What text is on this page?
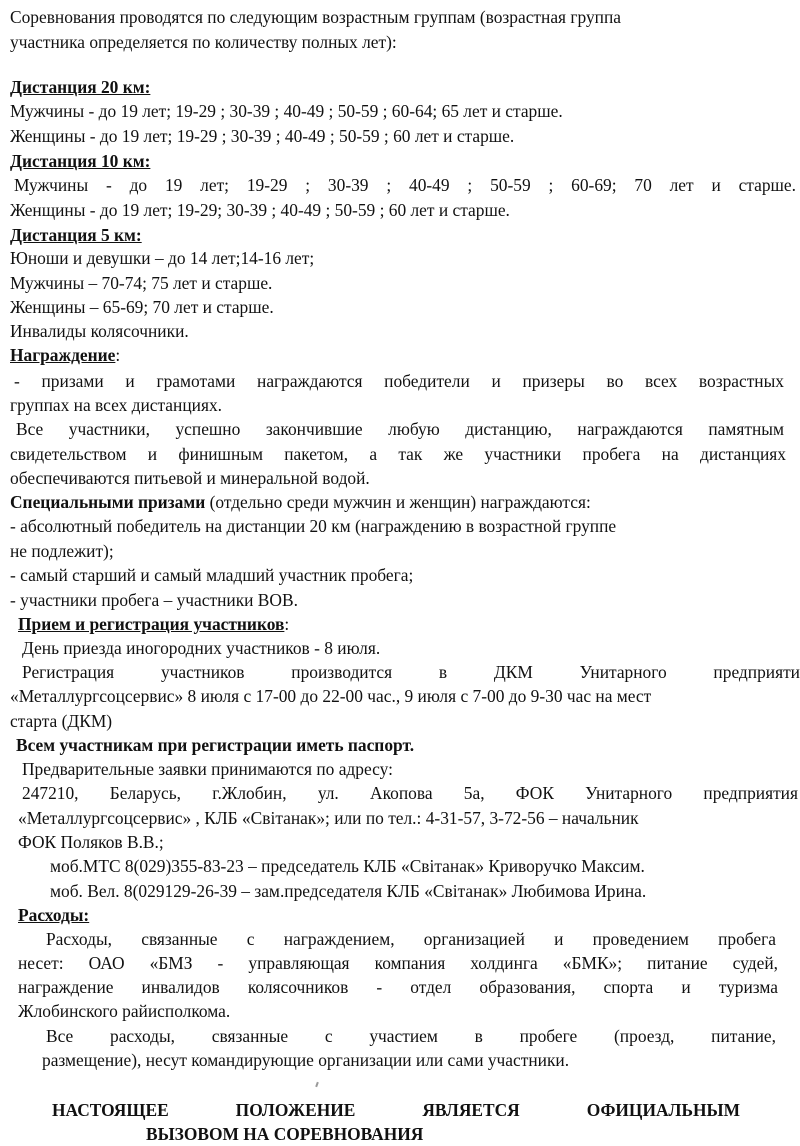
Соревнования проводятся по следующим возрастным группам (возрастная группа
участника определяется по количеству полных лет):
Дистанция 20 км:
Мужчины - до 19 лет; 19-29 ; 30-39 ; 40-49 ; 50-59 ; 60-64; 65 лет и старше.
Женщины - до 19 лет; 19-29 ; 30-39 ; 40-49 ; 50-59 ; 60 лет и старше.
Дистанция 10 км:
Мужчины - до 19 лет; 19-29 ; 30-39 ; 40-49 ; 50-59 ; 60-69; 70 лет и старше.
Женщины - до 19 лет; 19-29; 30-39 ; 40-49 ; 50-59 ; 60 лет и старше.
Дистанция 5 км:
Юноши и девушки – до 14 лет;14-16 лет;
Мужчины – 70-74; 75 лет и старше.
Женщины – 65-69; 70 лет и старше.
Инвалиды колясочники.
Награждение:
- призами и грамотами награждаются победители и призеры во всех возрастных
группах на всех дистанциях.
Все участники, успешно закончившие любую дистанцию, награждаются памятным
свидетельством и финишным пакетом, а так же участники пробега на дистанциях
обеспечиваются питьевой и минеральной водой.
Специальными призами (отдельно среди мужчин и женщин) награждаются:
- абсолютный победитель на дистанции 20 км (награждению в возрастной группе
не подлежит);
- самый старший и самый младший участник пробега;
- участники пробега – участники ВОВ.
Прием и регистрация участников:
День приезда иногородних участников - 8 июля.
Регистрация участников производится в ДКМ Унитарного предприяти
«Металлургсоцсервис» 8 июля с 17-00 до 22-00 час., 9 июля с 7-00 до 9-30 час на мест
старта (ДКМ)
Всем участникам при регистрации иметь паспорт.
Предварительные заявки принимаются по адресу:
247210, Беларусь, г.Жлобин, ул. Акопова 5а, ФОК Унитарного предприятия
«Металлургсоцсервис» , КЛБ «Світанак»; или по тел.: 4-31-57, 3-72-56 – начальник
ФОК Поляков В.В.;
моб.МТС 8(029)355-83-23 – председатель КЛБ «Світанак» Криворучко Максим.
моб. Вел. 8(029129-26-39 – зам.председателя КЛБ «Світанак» Любимова Ирина.
Расходы:
Расходы, связанные с награждением, организацией и проведением пробега
несет: ОАО «БМЗ - управляющая компания холдинга «БМК»; питание судей,
награждение инвалидов колясочников - отдел образования, спорта и туризма
Жлобинского райисполкома.
Все расходы, связанные с участием в пробеге (проезд, питание,
размещение), несут командирующие организации или сами участники.
НАСТОЯЩЕЕ ПОЛОЖЕНИЕ ЯВЛЯЕТСЯ ОФИЦИАЛЬНЫМ
ВЫЗОВОМ НА СОРЕВНОВАНИЯ
